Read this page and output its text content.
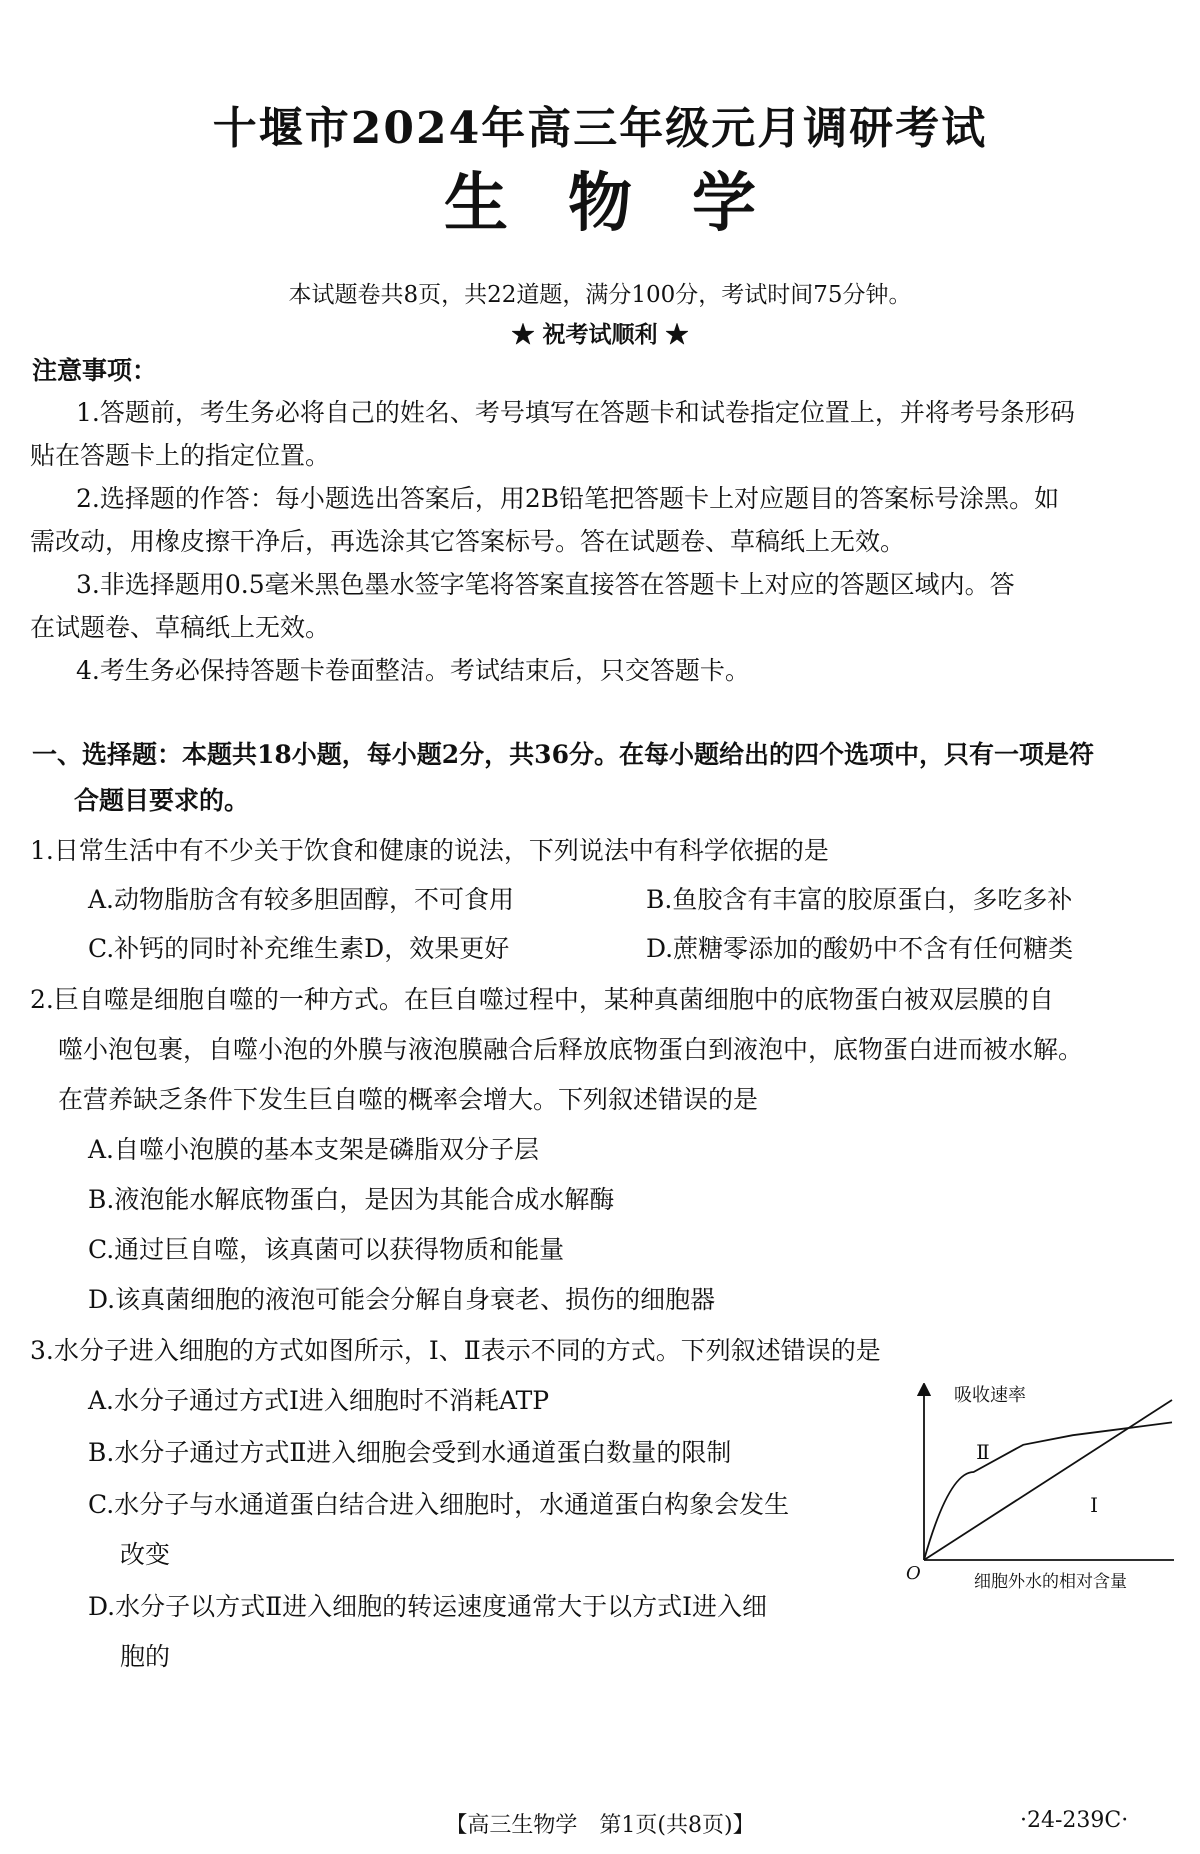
十堰市2024年高三年级元月调研考试
生物学
本试题卷共8页，共22道题，满分100分，考试时间75分钟。
★ 祝考试顺利 ★
注意事项：
1.答题前，考生务必将自己的姓名、考号填写在答题卡和试卷指定位置上，并将考号条形码
贴在答题卡上的指定位置。
2.选择题的作答：每小题选出答案后，用2B铅笔把答题卡上对应题目的答案标号涂黑。如
需改动，用橡皮擦干净后，再选涂其它答案标号。答在试题卷、草稿纸上无效。
3.非选择题用0.5毫米黑色墨水签字笔将答案直接答在答题卡上对应的答题区域内。答
在试题卷、草稿纸上无效。
4.考生务必保持答题卡卷面整洁。考试结束后，只交答题卡。
一、选择题：本题共18小题，每小题2分，共36分。在每小题给出的四个选项中，只有一项是符
合题目要求的。
1.日常生活中有不少关于饮食和健康的说法，下列说法中有科学依据的是
A.动物脂肪含有较多胆固醇，不可食用	B.鱼胶含有丰富的胶原蛋白，多吃多补
C.补钙的同时补充维生素D，效果更好	D.蔗糖零添加的酸奶中不含有任何糖类
2.巨自噬是细胞自噬的一种方式。在巨自噬过程中，某种真菌细胞中的底物蛋白被双层膜的自
噬小泡包裹，自噬小泡的外膜与液泡膜融合后释放底物蛋白到液泡中，底物蛋白进而被水解。
在营养缺乏条件下发生巨自噬的概率会增大。下列叙述错误的是
A.自噬小泡膜的基本支架是磷脂双分子层
B.液泡能水解底物蛋白，是因为其能合成水解酶
C.通过巨自噬，该真菌可以获得物质和能量
D.该真菌细胞的液泡可能会分解自身衰老、损伤的细胞器
3.水分子进入细胞的方式如图所示，Ⅰ、Ⅱ表示不同的方式。下列叙述错误的是
A.水分子通过方式Ⅰ进入细胞时不消耗ATP
B.水分子通过方式Ⅱ进入细胞会受到水通道蛋白数量的限制
C.水分子与水通道蛋白结合进入细胞时，水通道蛋白构象会发生
改变
D.水分子以方式Ⅱ进入细胞的转运速度通常大于以方式Ⅰ进入细
胞的
吸收速率
细胞外水的相对含量
O
Ⅰ
Ⅱ
【高三生物学　第1页(共8页)】	·24-239C·
